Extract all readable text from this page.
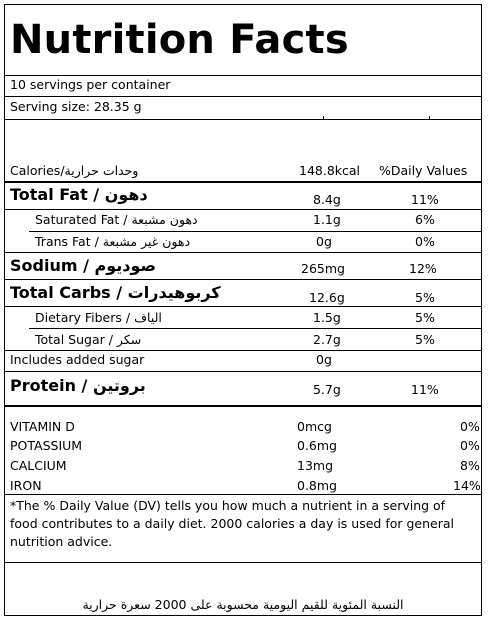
Nutrition Facts
10 servings per container
Serving size: 28.35 g
Calories/وحدات حرارية	148.8kcal %Daily Values
Total Fat / دهون	8.4g	11%
Saturated Fat / دهون مشبعة	1.1g	6%
Trans Fat / دهون غير مشبعة	0g	0%
Sodium / صوديوم	265mg	12%
Total Carbs / كربوهيدرات	12.6g	5%
Dietary Fibers / الياف	1.5g	5%
Total Sugar / سكر	2.7g	5%
Includes added sugar	0g
Protein / بروتين	5.7g	11%
VITAMIN D	0mcg	0%
POTASSIUM	0.6mg	0%
CALCIUM	13mg	8%
IRON	0.8mg	14%
*The % Daily Value (DV) tells you how much a nutrient in a serving of food contributes to a daily diet. 2000 calories a day is used for general nutrition advice.
النسبة المئوية للقيم اليومية محسوبة على 2000 سعرة حرارية
